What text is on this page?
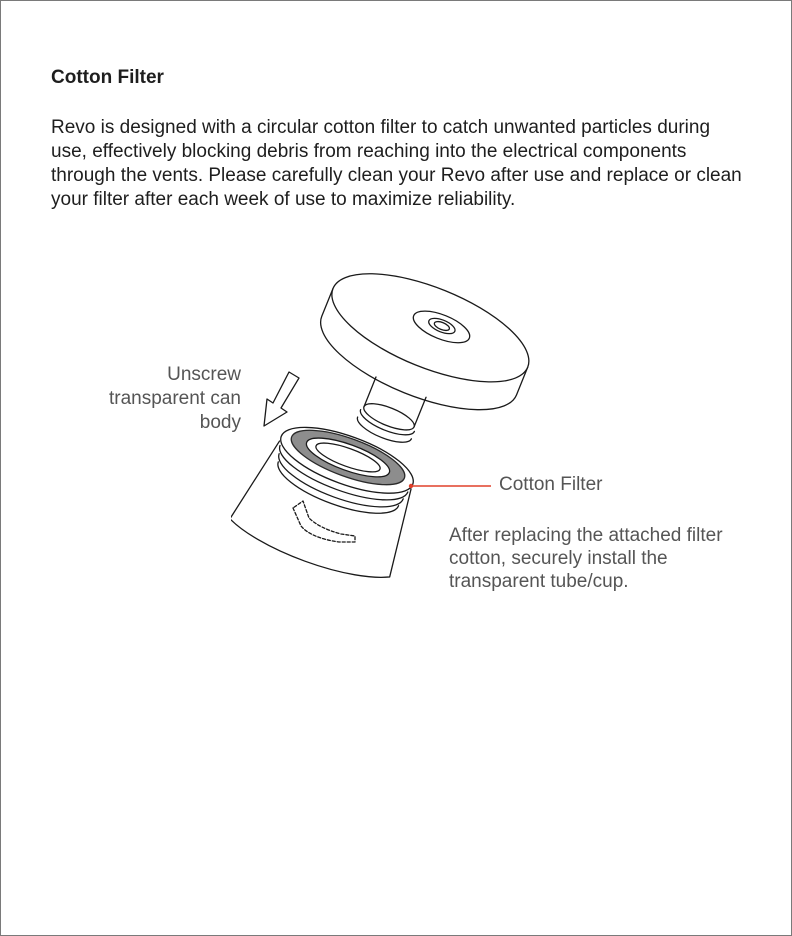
Cotton Filter

Revo is designed with a circular cotton filter to catch unwanted particles during use, effectively blocking debris from reaching into the electrical components through the vents. Please carefully clean your Revo after use and replace or clean your filter after each week of use to maximize reliability.

Unscrew transparent can body
Cotton Filter
After replacing the attached filter cotton, securely install the transparent tube/cup.
